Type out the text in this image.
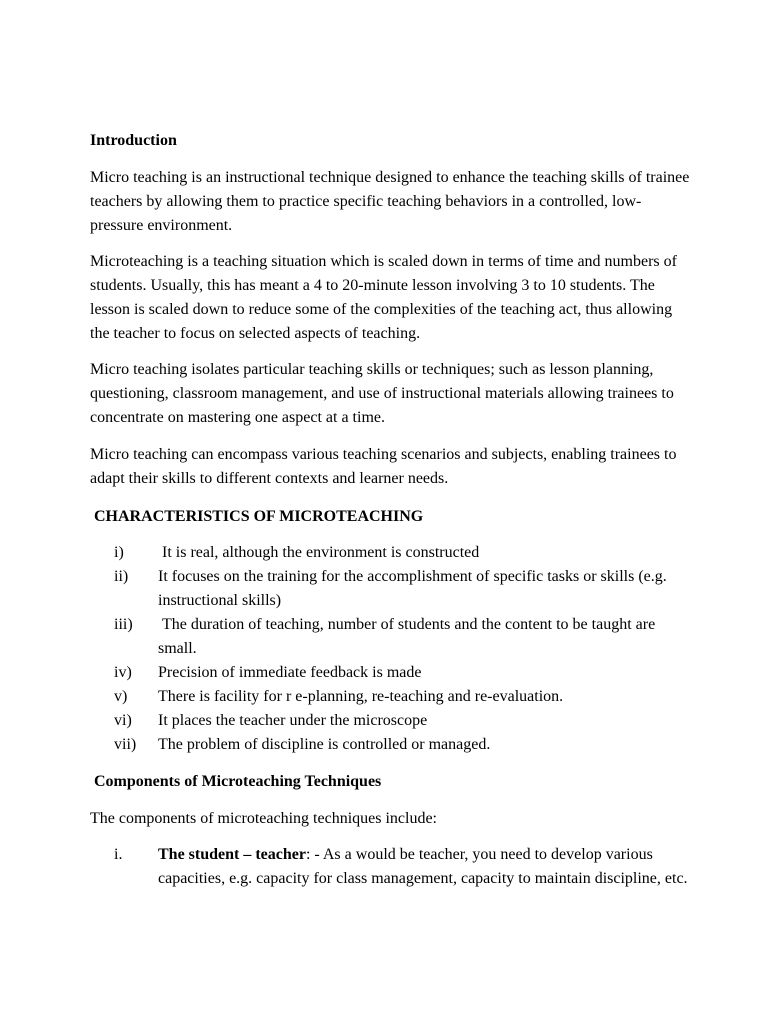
Introduction
Micro teaching is an instructional technique designed to enhance the teaching skills of trainee teachers by allowing them to practice specific teaching behaviors in a controlled, low-pressure environment.
Microteaching is a teaching situation which is scaled down in terms of time and numbers of students. Usually, this has meant a 4 to 20-minute lesson involving 3 to 10 students. The lesson is scaled down to reduce some of the complexities of the teaching act, thus allowing the teacher to focus on selected aspects of teaching.
Micro teaching isolates particular teaching skills or techniques; such as lesson planning, questioning, classroom management, and use of instructional materials allowing trainees to concentrate on mastering one aspect at a time.
Micro teaching can encompass various teaching scenarios and subjects, enabling trainees to adapt their skills to different contexts and learner needs.
CHARACTERISTICS OF MICROTEACHING
i) It is real, although the environment is constructed
ii) It focuses on the training for the accomplishment of specific tasks or skills (e.g. instructional skills)
iii) The duration of teaching, number of students and the content to be taught are small.
iv) Precision of immediate feedback is made
v) There is facility for r e-planning, re-teaching and re-evaluation.
vi) It places the teacher under the microscope
vii) The problem of discipline is controlled or managed.
Components of Microteaching Techniques
The components of microteaching techniques include:
i. The student – teacher: - As a would be teacher, you need to develop various capacities, e.g. capacity for class management, capacity to maintain discipline, etc.
